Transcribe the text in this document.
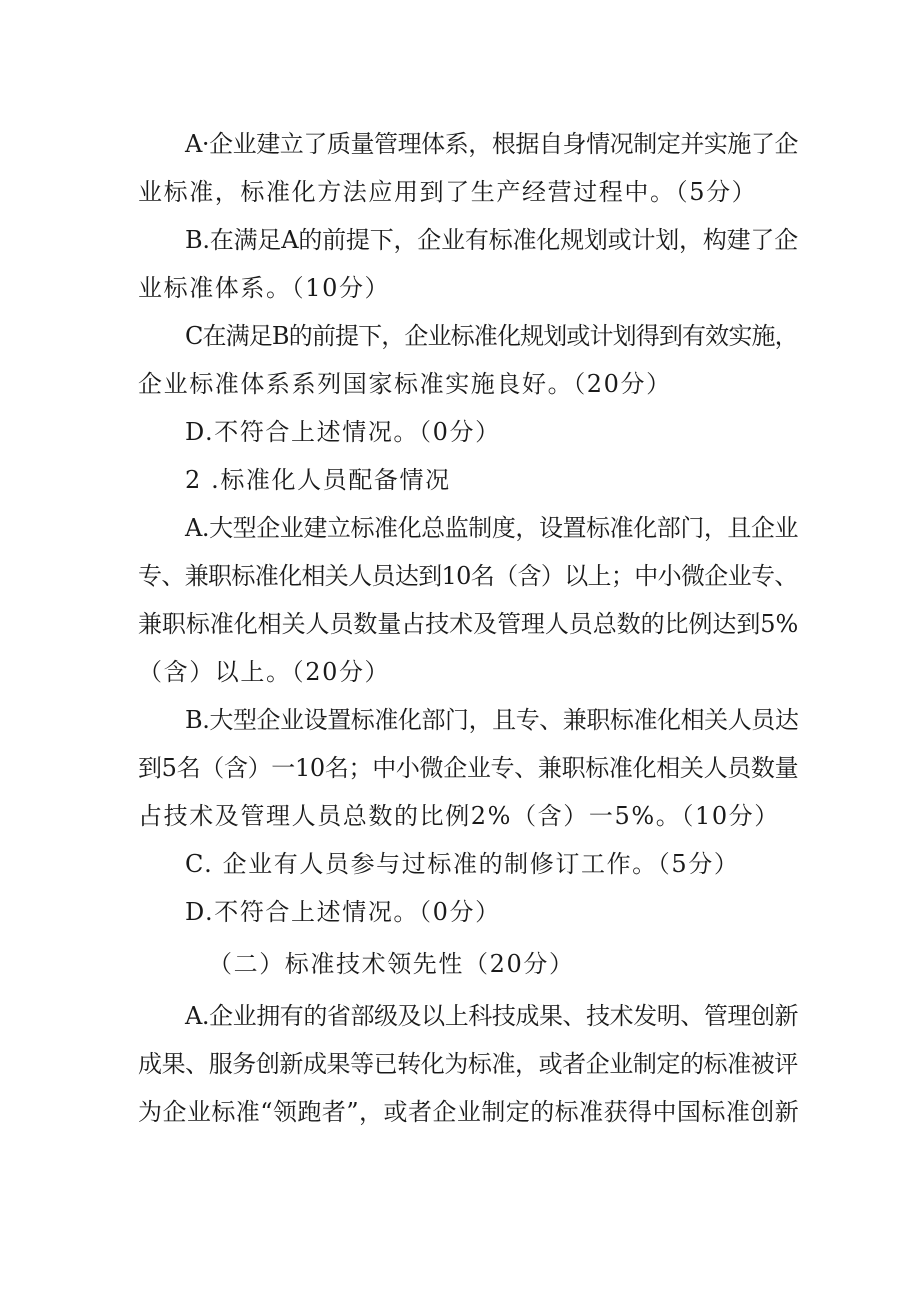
A·企业建立了质量管理体系，根据自身情况制定并实施了企
业标准，标准化方法应用到了生产经营过程中。（5分）
B.在满足A的前提下，企业有标准化规划或计划，构建了企
业标准体系。（10分）
C在满足B的前提下，企业标准化规划或计划得到有效实施，
企业标准体系系列国家标准实施良好。（20分）
D.不符合上述情况。（0分）
2 .标准化人员配备情况
A.大型企业建立标准化总监制度，设置标准化部门，且企业
专、兼职标准化相关人员达到10名（含）以上；中小微企业专、
兼职标准化相关人员数量占技术及管理人员总数的比例达到5%
（含）以上。（20分）
B.大型企业设置标准化部门，且专、兼职标准化相关人员达
到5名（含）一10名；中小微企业专、兼职标准化相关人员数量
占技术及管理人员总数的比例2%（含）一5%。（10分）
C. 企业有人员参与过标准的制修订工作。（5分）
D.不符合上述情况。（0分）
（二）标准技术领先性（20分）
A.企业拥有的省部级及以上科技成果、技术发明、管理创新
成果、服务创新成果等已转化为标准，或者企业制定的标准被评
为企业标准“领跑者”，或者企业制定的标准获得中国标准创新
